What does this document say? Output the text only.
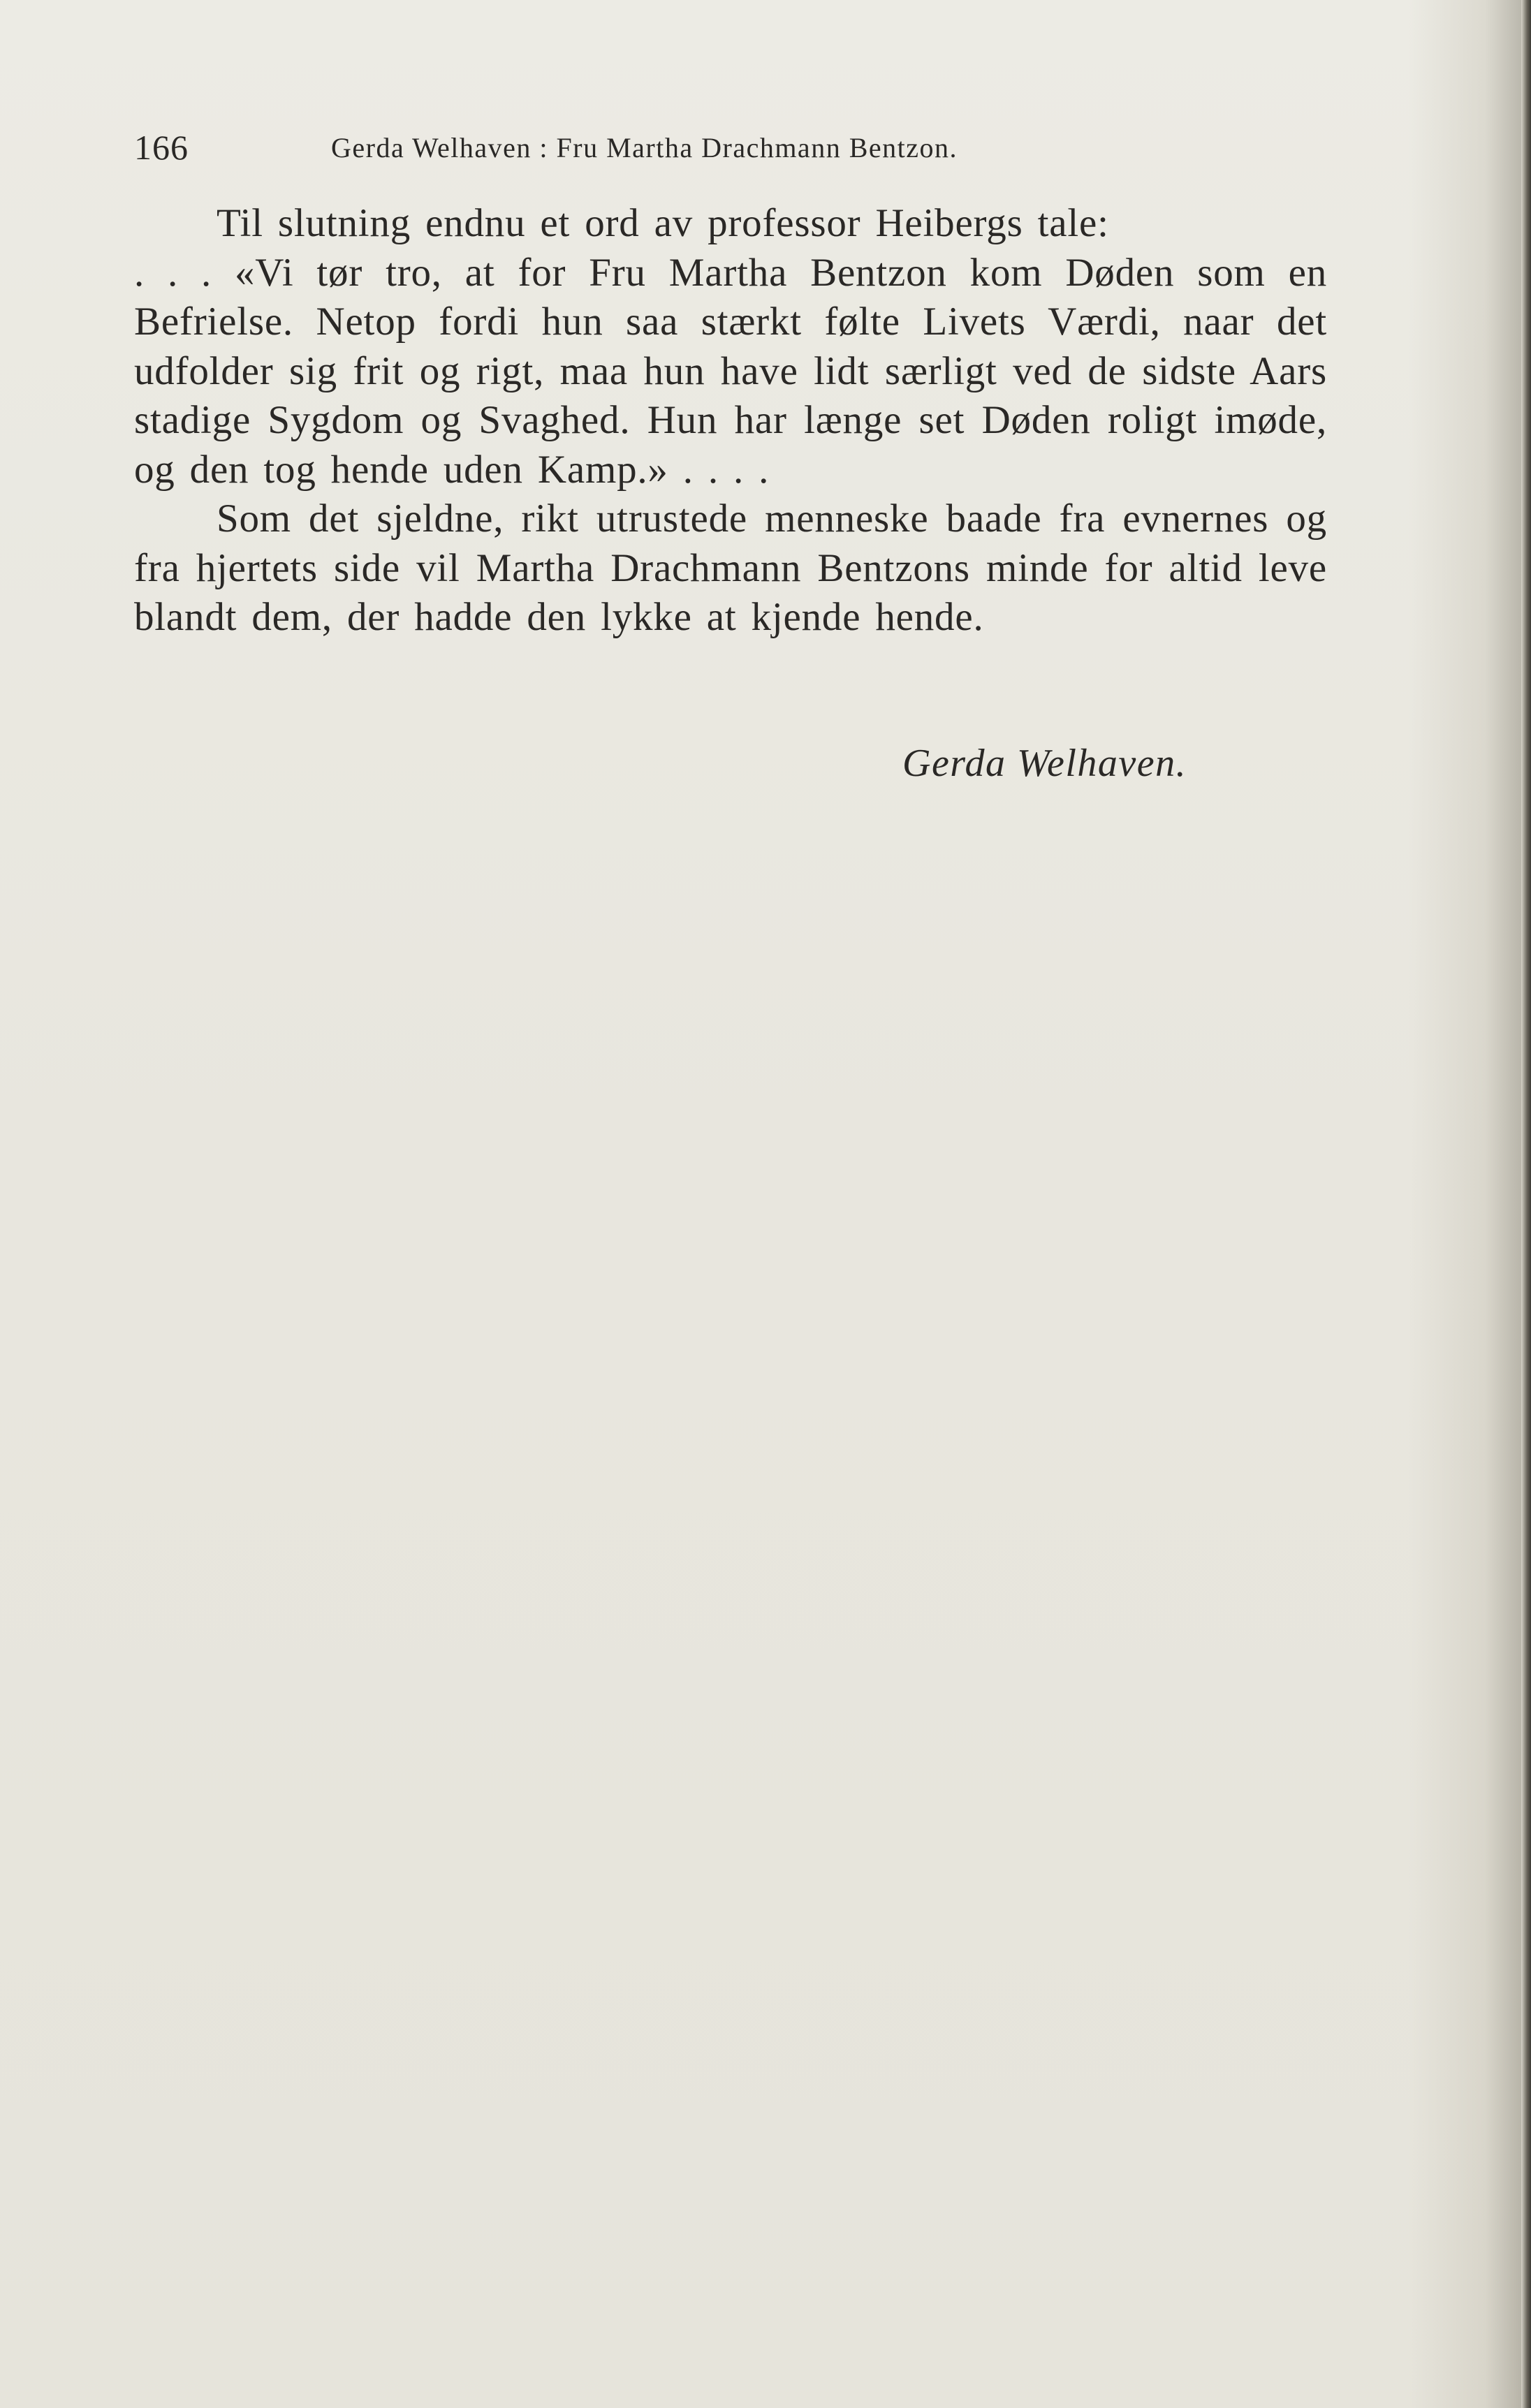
166	Gerda Welhaven : Fru Martha Drachmann Bentzon.

Til slutning endnu et ord av professor Heibergs tale:

. . . «Vi tør tro, at for Fru Martha Bentzon kom Døden som en Befrielse. Netop fordi hun saa stærkt følte Livets Værdi, naar det udfolder sig frit og rigt, maa hun have lidt særligt ved de sidste Aars stadige Sygdom og Svaghed. Hun har længe set Døden roligt imøde, og den tog hende uden Kamp.» . . . .

Som det sjeldne, rikt utrustede menneske baade fra evnernes og fra hjertets side vil Martha Drachmann Bentzons minde for altid leve blandt dem, der hadde den lykke at kjende hende.

Gerda Welhaven.
